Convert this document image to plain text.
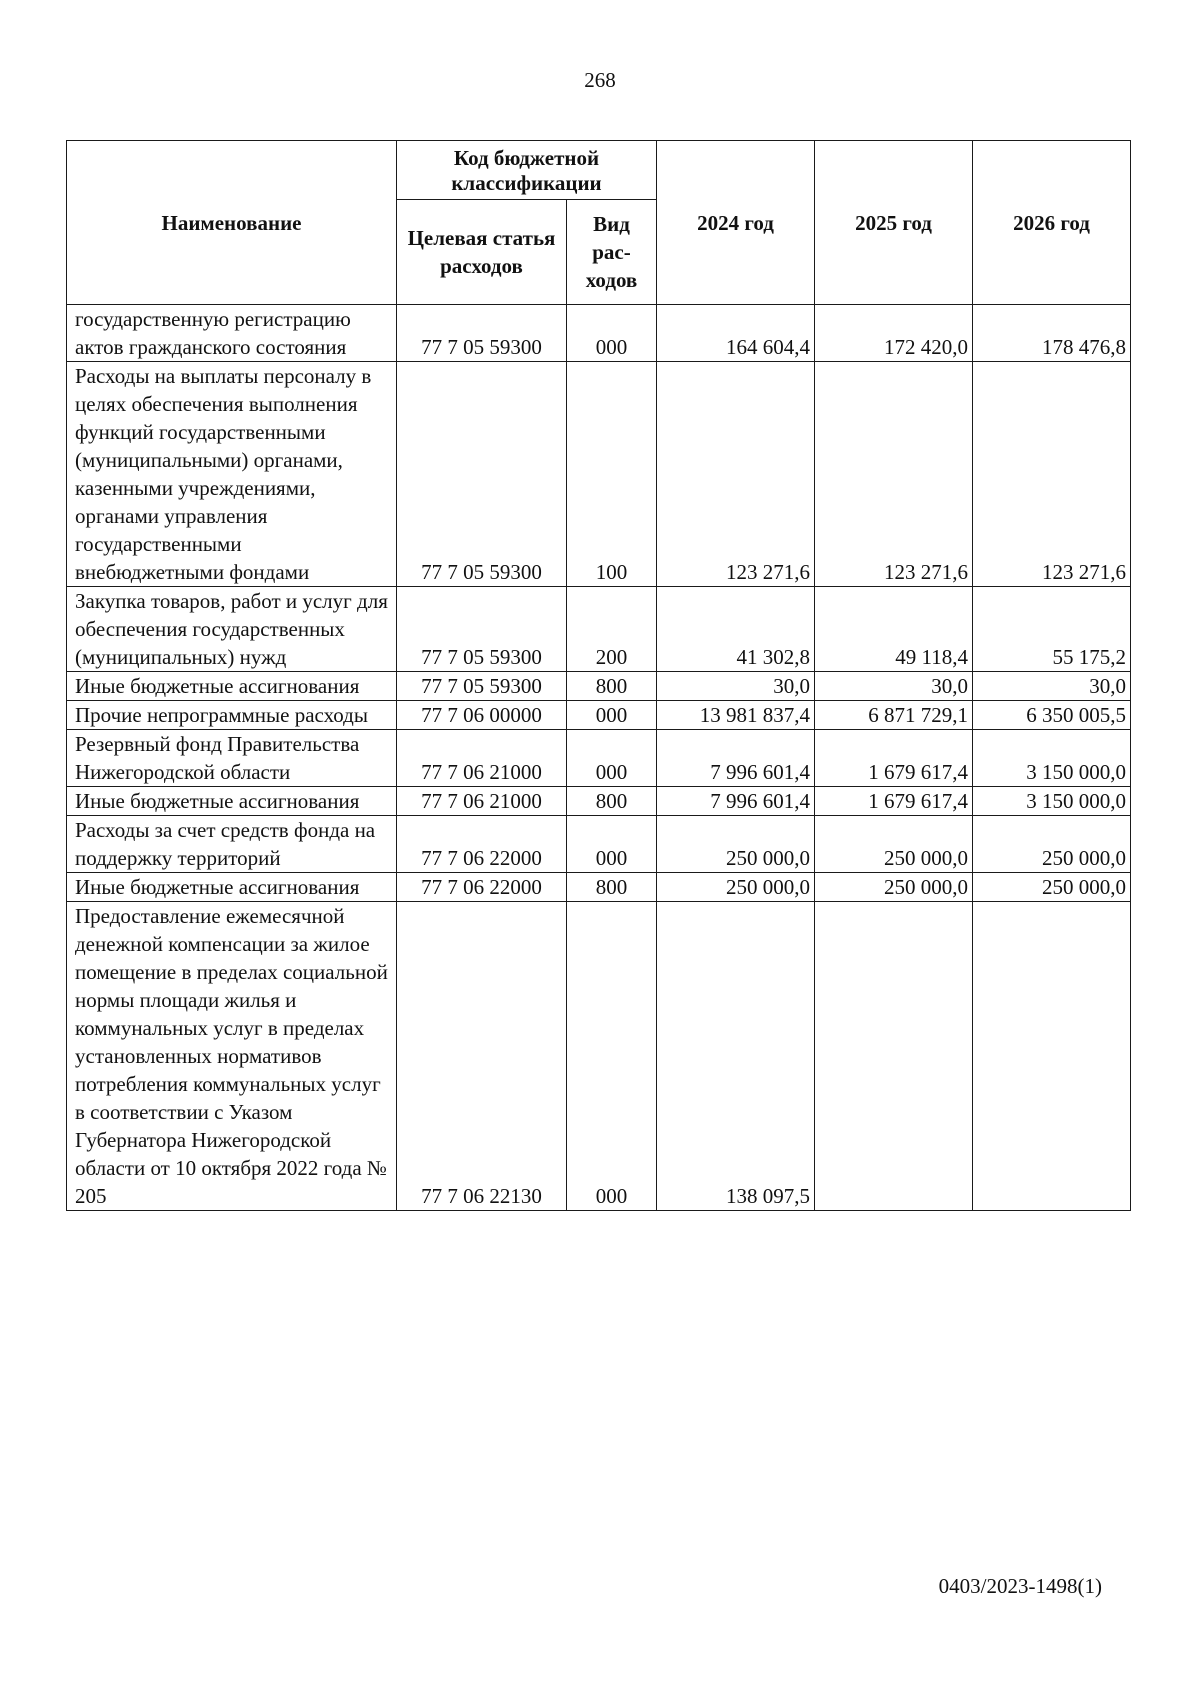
268
Наименование	Код бюджетной классификации		2024 год	2025 год	2026 год
	Целевая статья расходов	Вид рас-ходов			
государственную регистрацию актов гражданского состояния	77 7 05 59300	000	164 604,4	172 420,0	178 476,8
Расходы на выплаты персоналу в целях обеспечения выполнения функций государственными (муниципальными) органами, казенными учреждениями, органами управления государственными внебюджетными фондами	77 7 05 59300	100	123 271,6	123 271,6	123 271,6
Закупка товаров, работ и услуг для обеспечения государственных (муниципальных) нужд	77 7 05 59300	200	41 302,8	49 118,4	55 175,2
Иные бюджетные ассигнования	77 7 05 59300	800	30,0	30,0	30,0
Прочие непрограммные расходы	77 7 06 00000	000	13 981 837,4	6 871 729,1	6 350 005,5
Резервный фонд Правительства Нижегородской области	77 7 06 21000	000	7 996 601,4	1 679 617,4	3 150 000,0
Иные бюджетные ассигнования	77 7 06 21000	800	7 996 601,4	1 679 617,4	3 150 000,0
Расходы за счет средств фонда на поддержку территорий	77 7 06 22000	000	250 000,0	250 000,0	250 000,0
Иные бюджетные ассигнования	77 7 06 22000	800	250 000,0	250 000,0	250 000,0
Предоставление ежемесячной денежной компенсации за жилое помещение в пределах социальной нормы площади жилья и коммунальных услуг в пределах установленных нормативов потребления коммунальных услуг в соответствии с Указом Губернатора Нижегородской области от 10 октября 2022 года № 205	77 7 06 22130	000	138 097,5		
0403/2023-1498(1)
